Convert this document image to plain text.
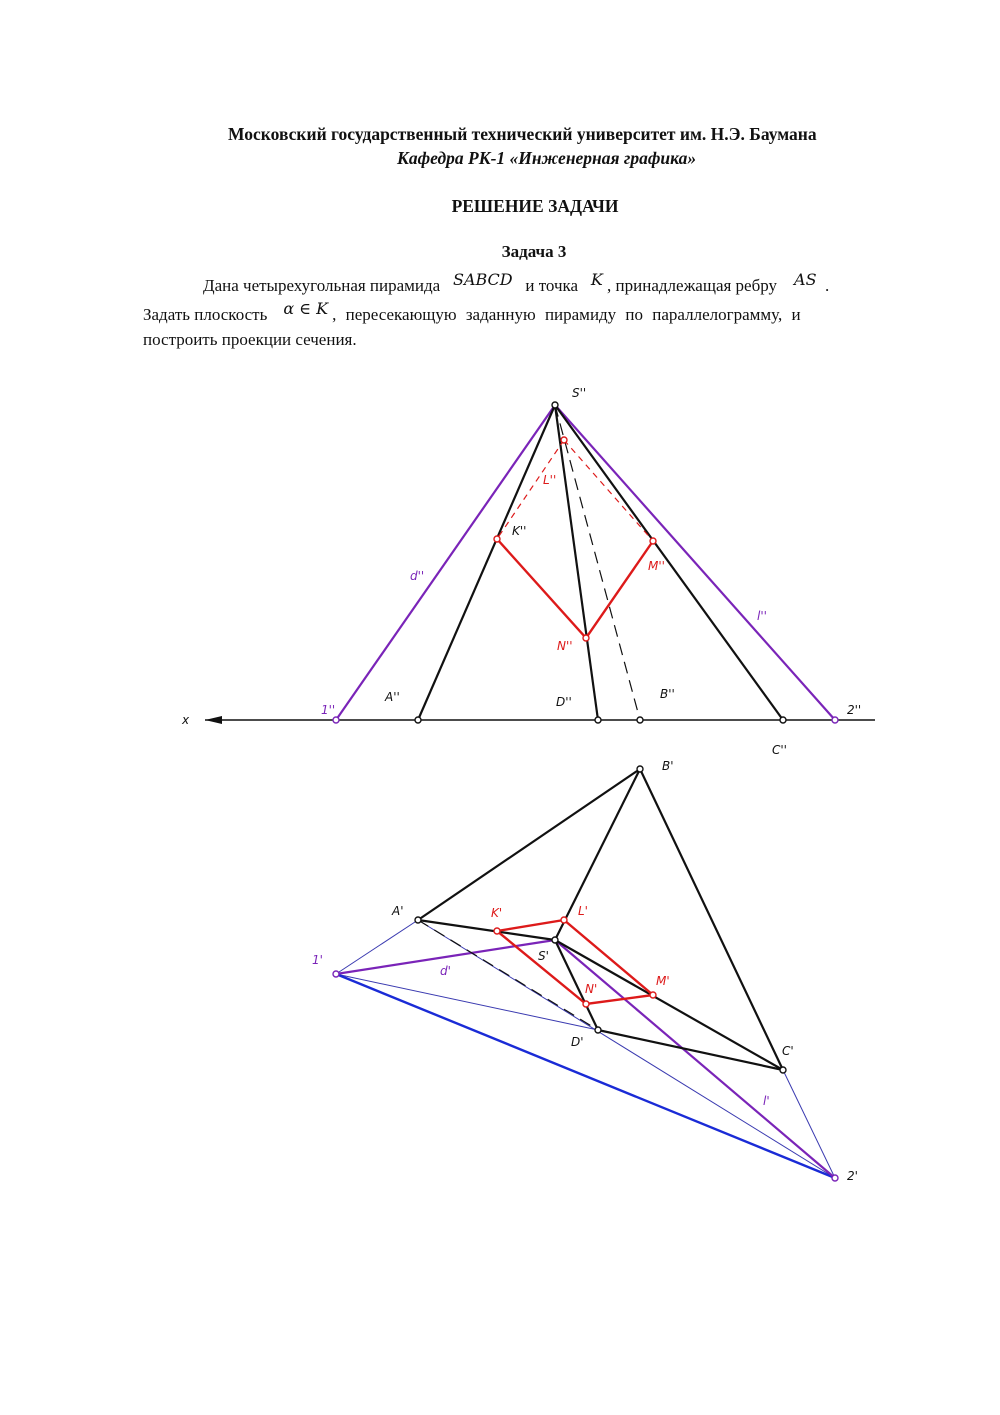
Московский государственный технический университет им. Н.Э. Баумана
Кафедра РК-1 «Инженерная графика»
РЕШЕНИЕ ЗАДАЧИ
Задача 3
Дана четырехугольная пирамида SABCD и точка K , принадлежащая ребру AS .
Задать плоскость α ∈ K , пересекающую заданную пирамиду по параллелограмму, и
построить проекции сечения.
S''
L''
K''
M''
N''
d''
l''
1''
A''	D''
B''
2''
C''
x
B'
A'	K'	L'
S'
1'
d'
N'
M'
D'
C'
l'
2'
